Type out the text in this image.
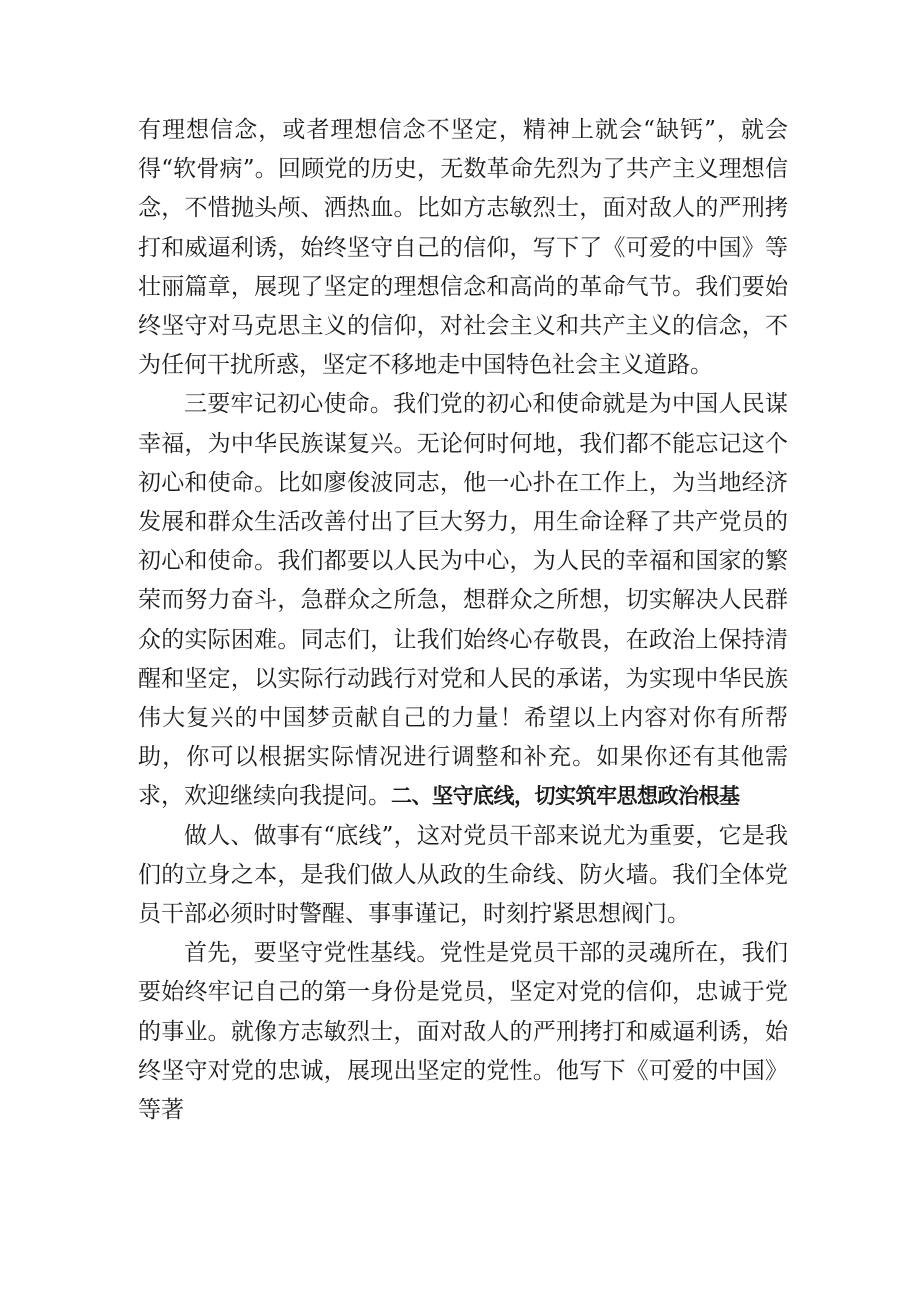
有理想信念，或者理想信念不坚定，精神上就会“缺钙”，就会得“软骨病”。回顾党的历史，无数革命先烈为了共产主义理想信念，不惜抛头颅、洒热血。比如方志敏烈士，面对敌人的严刑拷打和威逼利诱，始终坚守自己的信仰，写下了《可爱的中国》等壮丽篇章，展现了坚定的理想信念和高尚的革命气节。我们要始终坚守对马克思主义的信仰，对社会主义和共产主义的信念，不为任何干扰所惑，坚定不移地走中国特色社会主义道路。

三要牢记初心使命。我们党的初心和使命就是为中国人民谋幸福，为中华民族谋复兴。无论何时何地，我们都不能忘记这个初心和使命。比如廖俊波同志，他一心扑在工作上，为当地经济发展和群众生活改善付出了巨大努力，用生命诠释了共产党员的初心和使命。我们都要以人民为中心，为人民的幸福和国家的繁荣而努力奋斗，急群众之所急，想群众之所想，切实解决人民群众的实际困难。同志们，让我们始终心存敬畏，在政治上保持清醒和坚定，以实际行动践行对党和人民的承诺，为实现中华民族伟大复兴的中国梦贡献自己的力量！希望以上内容对你有所帮助，你可以根据实际情况进行调整和补充。如果你还有其他需求，欢迎继续向我提问。二、坚守底线，切实筑牢思想政治根基

做人、做事有“底线”，这对党员干部来说尤为重要，它是我们的立身之本，是我们做人从政的生命线、防火墙。我们全体党员干部必须时时警醒、事事谨记，时刻拧紧思想阀门。

首先，要坚守党性基线。党性是党员干部的灵魂所在，我们要始终牢记自己的第一身份是党员，坚定对党的信仰，忠诚于党的事业。就像方志敏烈士，面对敌人的严刑拷打和威逼利诱，始终坚守对党的忠诚，展现出坚定的党性。他写下《可爱的中国》等著
